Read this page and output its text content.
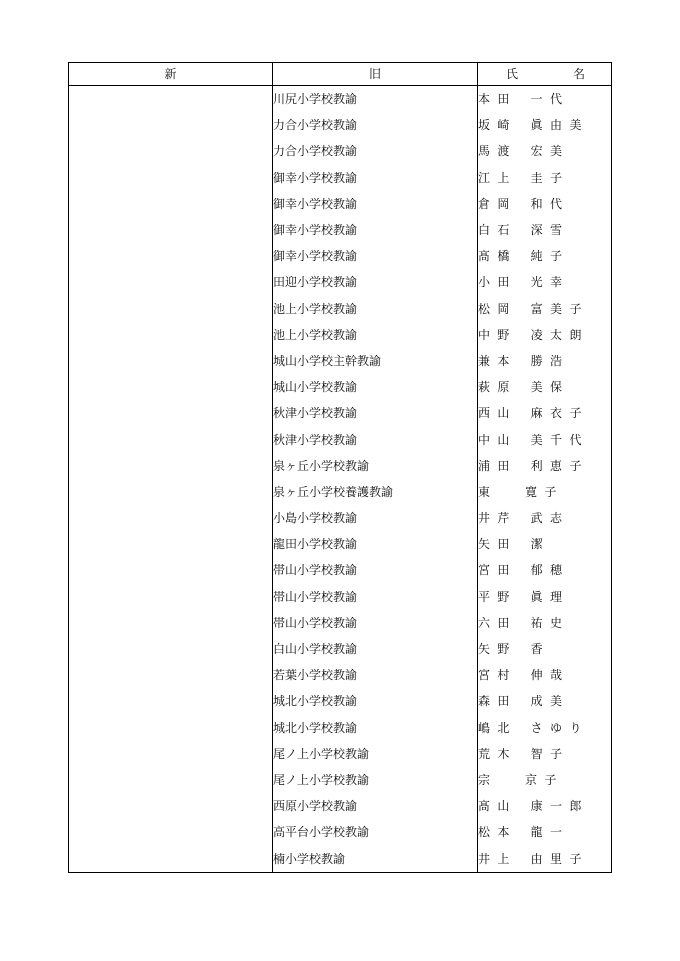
新	旧	氏 名

	川尻小学校教諭	本 田　 一 代
	力合小学校教諭	坂 崎　 眞 由 美
	力合小学校教諭	馬 渡　 宏 美
	御幸小学校教諭	江 上　 圭 子
	御幸小学校教諭	倉 岡　 和 代
	御幸小学校教諭	白 石　 深 雪
	御幸小学校教諭	髙 橋　 純 子
	田迎小学校教諭	小 田　 光 幸
	池上小学校教諭	松 岡　 富 美 子
	池上小学校教諭	中 野　 凌 太 朗
	城山小学校主幹教諭	兼 本　 勝 浩
	城山小学校教諭	萩 原　 美 保
	秋津小学校教諭	西 山　 麻 衣 子
	秋津小学校教諭	中 山　 美 千 代
	泉ヶ丘小学校教諭	浦 田　 利 恵 子
	泉ヶ丘小学校養護教諭	東　　 寛 子
	小島小学校教諭	井 芹　 武 志
	龍田小学校教諭	矢 田　 潔
	帯山小学校教諭	宮 田　 郁 穂
	帯山小学校教諭	平 野　 眞 理
	帯山小学校教諭	六 田　 祐 史
	白山小学校教諭	矢 野　 香
	若葉小学校教諭	宮 村　 伸 哉
	城北小学校教諭	森 田　 成 美
	城北小学校教諭	嶋 北　 さ ゆ り
	尾ノ上小学校教諭	荒 木　 智 子
	尾ノ上小学校教諭	宗　　 京 子
	西原小学校教諭	髙 山　 康 一 郎
	高平台小学校教諭	松 本　 龍 一
	楠小学校教諭	井 上　 由 里 子
